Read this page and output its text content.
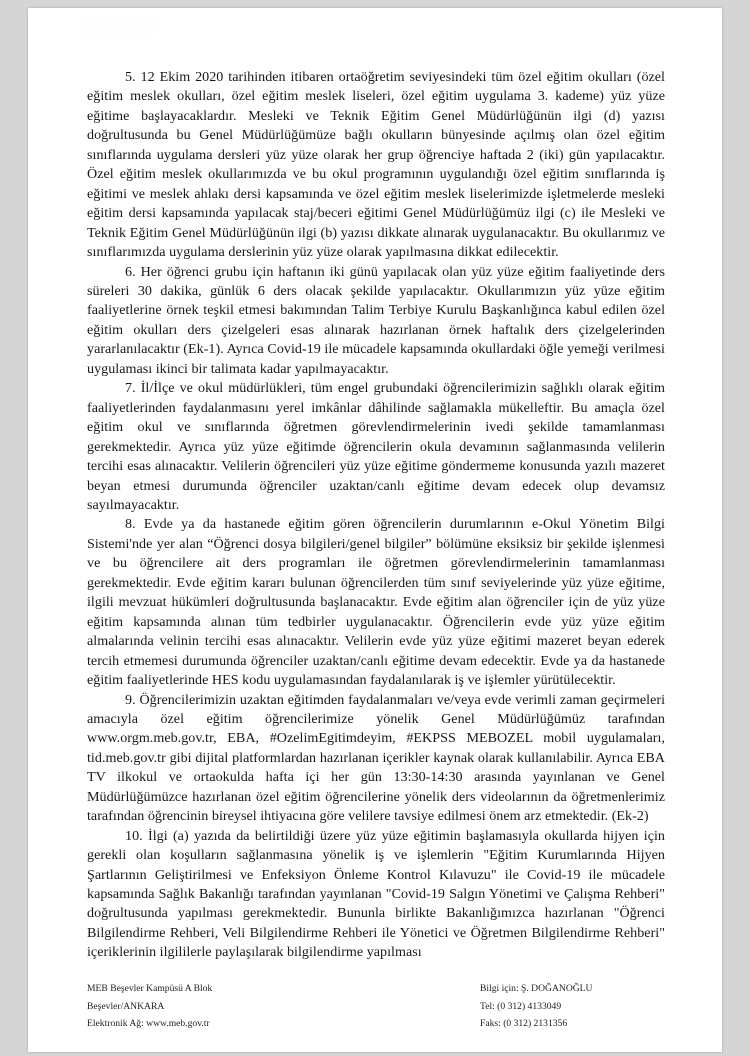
5. 12 Ekim 2020 tarihinden itibaren ortaöğretim seviyesindeki tüm özel eğitim okulları (özel eğitim meslek okulları, özel eğitim meslek liseleri, özel eğitim uygulama 3. kademe) yüz yüze eğitime başlayacaklardır. Mesleki ve Teknik Eğitim Genel Müdürlüğünün ilgi (d) yazısı doğrultusunda bu Genel Müdürlüğümüze bağlı okulların bünyesinde açılmış olan özel eğitim sınıflarında uygulama dersleri yüz yüze olarak her grup öğrenciye haftada 2 (iki) gün yapılacaktır. Özel eğitim meslek okullarımızda ve bu okul programının uygulandığı özel eğitim sınıflarında iş eğitimi ve meslek ahlakı dersi kapsamında ve özel eğitim meslek liselerimizde işletmelerde mesleki eğitim dersi kapsamında yapılacak staj/beceri eğitimi Genel Müdürlüğümüz ilgi (c) ile Mesleki ve Teknik Eğitim Genel Müdürlüğünün ilgi (b) yazısı dikkate alınarak uygulanacaktır. Bu okullarımız ve sınıflarımızda uygulama derslerinin yüz yüze olarak yapılmasına dikkat edilecektir.

6. Her öğrenci grubu için haftanın iki günü yapılacak olan yüz yüze eğitim faaliyetinde ders süreleri 30 dakika, günlük 6 ders olacak şekilde yapılacaktır. Okullarımızın yüz yüze eğitim faaliyetlerine örnek teşkil etmesi bakımından Talim Terbiye Kurulu Başkanlığınca kabul edilen özel eğitim okulları ders çizelgeleri esas alınarak hazırlanan örnek haftalık ders çizelgelerinden yararlanılacaktır (Ek-1). Ayrıca Covid-19 ile mücadele kapsamında okullardaki öğle yemeği verilmesi uygulaması ikinci bir talimata kadar yapılmayacaktır.

7. İl/İlçe ve okul müdürlükleri, tüm engel grubundaki öğrencilerimizin sağlıklı olarak eğitim faaliyetlerinden faydalanmasını yerel imkânlar dâhilinde sağlamakla mükelleftir. Bu amaçla özel eğitim okul ve sınıflarında öğretmen görevlendirmelerinin ivedi şekilde tamamlanması gerekmektedir. Ayrıca yüz yüze eğitimde öğrencilerin okula devamının sağlanmasında velilerin tercihi esas alınacaktır. Velilerin öğrencileri yüz yüze eğitime göndermeme konusunda yazılı mazeret beyan etmesi durumunda öğrenciler uzaktan/canlı eğitime devam edecek olup devamsız sayılmayacaktır.

8. Evde ya da hastanede eğitim gören öğrencilerin durumlarının e-Okul Yönetim Bilgi Sistemi'nde yer alan “Öğrenci dosya bilgileri/genel bilgiler” bölümüne eksiksiz bir şekilde işlenmesi ve bu öğrencilere ait ders programları ile öğretmen görevlendirmelerinin tamamlanması gerekmektedir. Evde eğitim kararı bulunan öğrencilerden tüm sınıf seviyelerinde yüz yüze eğitime, ilgili mevzuat hükümleri doğrultusunda başlanacaktır. Evde eğitim alan öğrenciler için de yüz yüze eğitim kapsamında alınan tüm tedbirler uygulanacaktır. Öğrencilerin evde yüz yüze eğitim almalarında velinin tercihi esas alınacaktır. Velilerin evde yüz yüze eğitimi mazeret beyan ederek tercih etmemesi durumunda öğrenciler uzaktan/canlı eğitime devam edecektir. Evde ya da hastanede eğitim faaliyetlerinde HES kodu uygulamasından faydalanılarak iş ve işlemler yürütülecektir.

9. Öğrencilerimizin uzaktan eğitimden faydalanmaları ve/veya evde verimli zaman geçirmeleri amacıyla özel eğitim öğrencilerimize yönelik Genel Müdürlüğümüz tarafından www.orgm.meb.gov.tr, EBA, #OzelimEgitimdeyim, #EKPSS MEBOZEL mobil uygulamaları, tid.meb.gov.tr gibi dijital platformlardan hazırlanan içerikler kaynak olarak kullanılabilir. Ayrıca EBA TV ilkokul ve ortaokulda hafta içi her gün 13:30-14:30 arasında yayınlanan ve Genel Müdürlüğümüzce hazırlanan özel eğitim öğrencilerine yönelik ders videolarının da öğretmenlerimiz tarafından öğrencinin bireysel ihtiyacına göre velilere tavsiye edilmesi önem arz etmektedir. (Ek-2)

10. İlgi (a) yazıda da belirtildiği üzere yüz yüze eğitimin başlamasıyla okullarda hijyen için gerekli olan koşulların sağlanmasına yönelik iş ve işlemlerin "Eğitim Kurumlarında Hijyen Şartlarının Geliştirilmesi ve Enfeksiyon Önleme Kontrol Kılavuzu" ile Covid-19 ile mücadele kapsamında Sağlık Bakanlığı tarafından yayınlanan "Covid-19 Salgın Yönetimi ve Çalışma Rehberi" doğrultusunda yapılması gerekmektedir. Bununla birlikte Bakanlığımızca hazırlanan "Öğrenci Bilgilendirme Rehberi, Veli Bilgilendirme Rehberi ile Yönetici ve Öğretmen Bilgilendirme Rehberi" içeriklerinin ilgililerle paylaşılarak bilgilendirme yapılması

MEB Beşevler Kampüsü A Blok
Beşevler/ANKARA
Elektronik Ağ: www.meb.gov.tr
Bilgi için: Ş. DOĞANOĞLU
Tel: (0 312) 4133049
Faks: (0 312) 2131356
